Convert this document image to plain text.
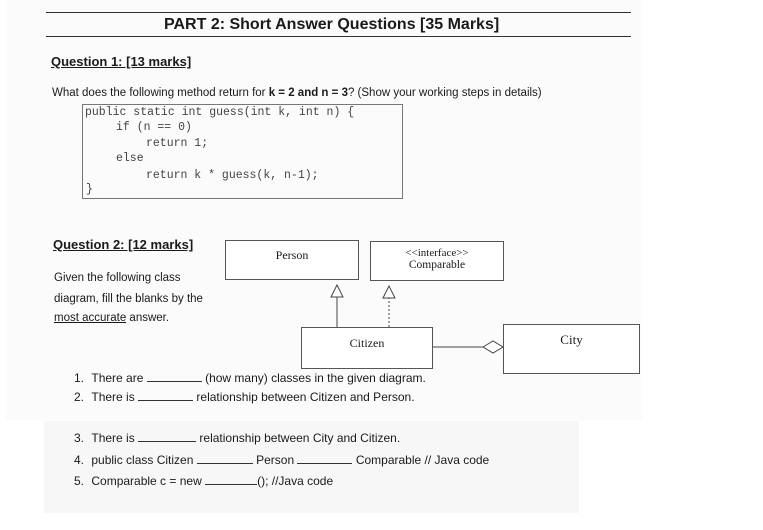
PART 2: Short Answer Questions [35 Marks]
Question 1: [13 marks]
What does the following method return for k = 2 and n = 3? (Show your working steps in details)
public static int guess(int k, int n) {
if (n == 0)
return 1;
else
return k * guess(k, n-1);
}
Question 2: [12 marks]
Given the following class
diagram, fill the blanks by the
most accurate answer.
Person	<<interface>>
Comparable
Citizen	City
1. There are	(how many) classes in the given diagram.
2. There is	relationship between Citizen and Person.
3. There is	relationship between City and Citizen.
4. public class Citizen	Person	Comparable // Java code
5. Comparable c = new	(); //Java code
